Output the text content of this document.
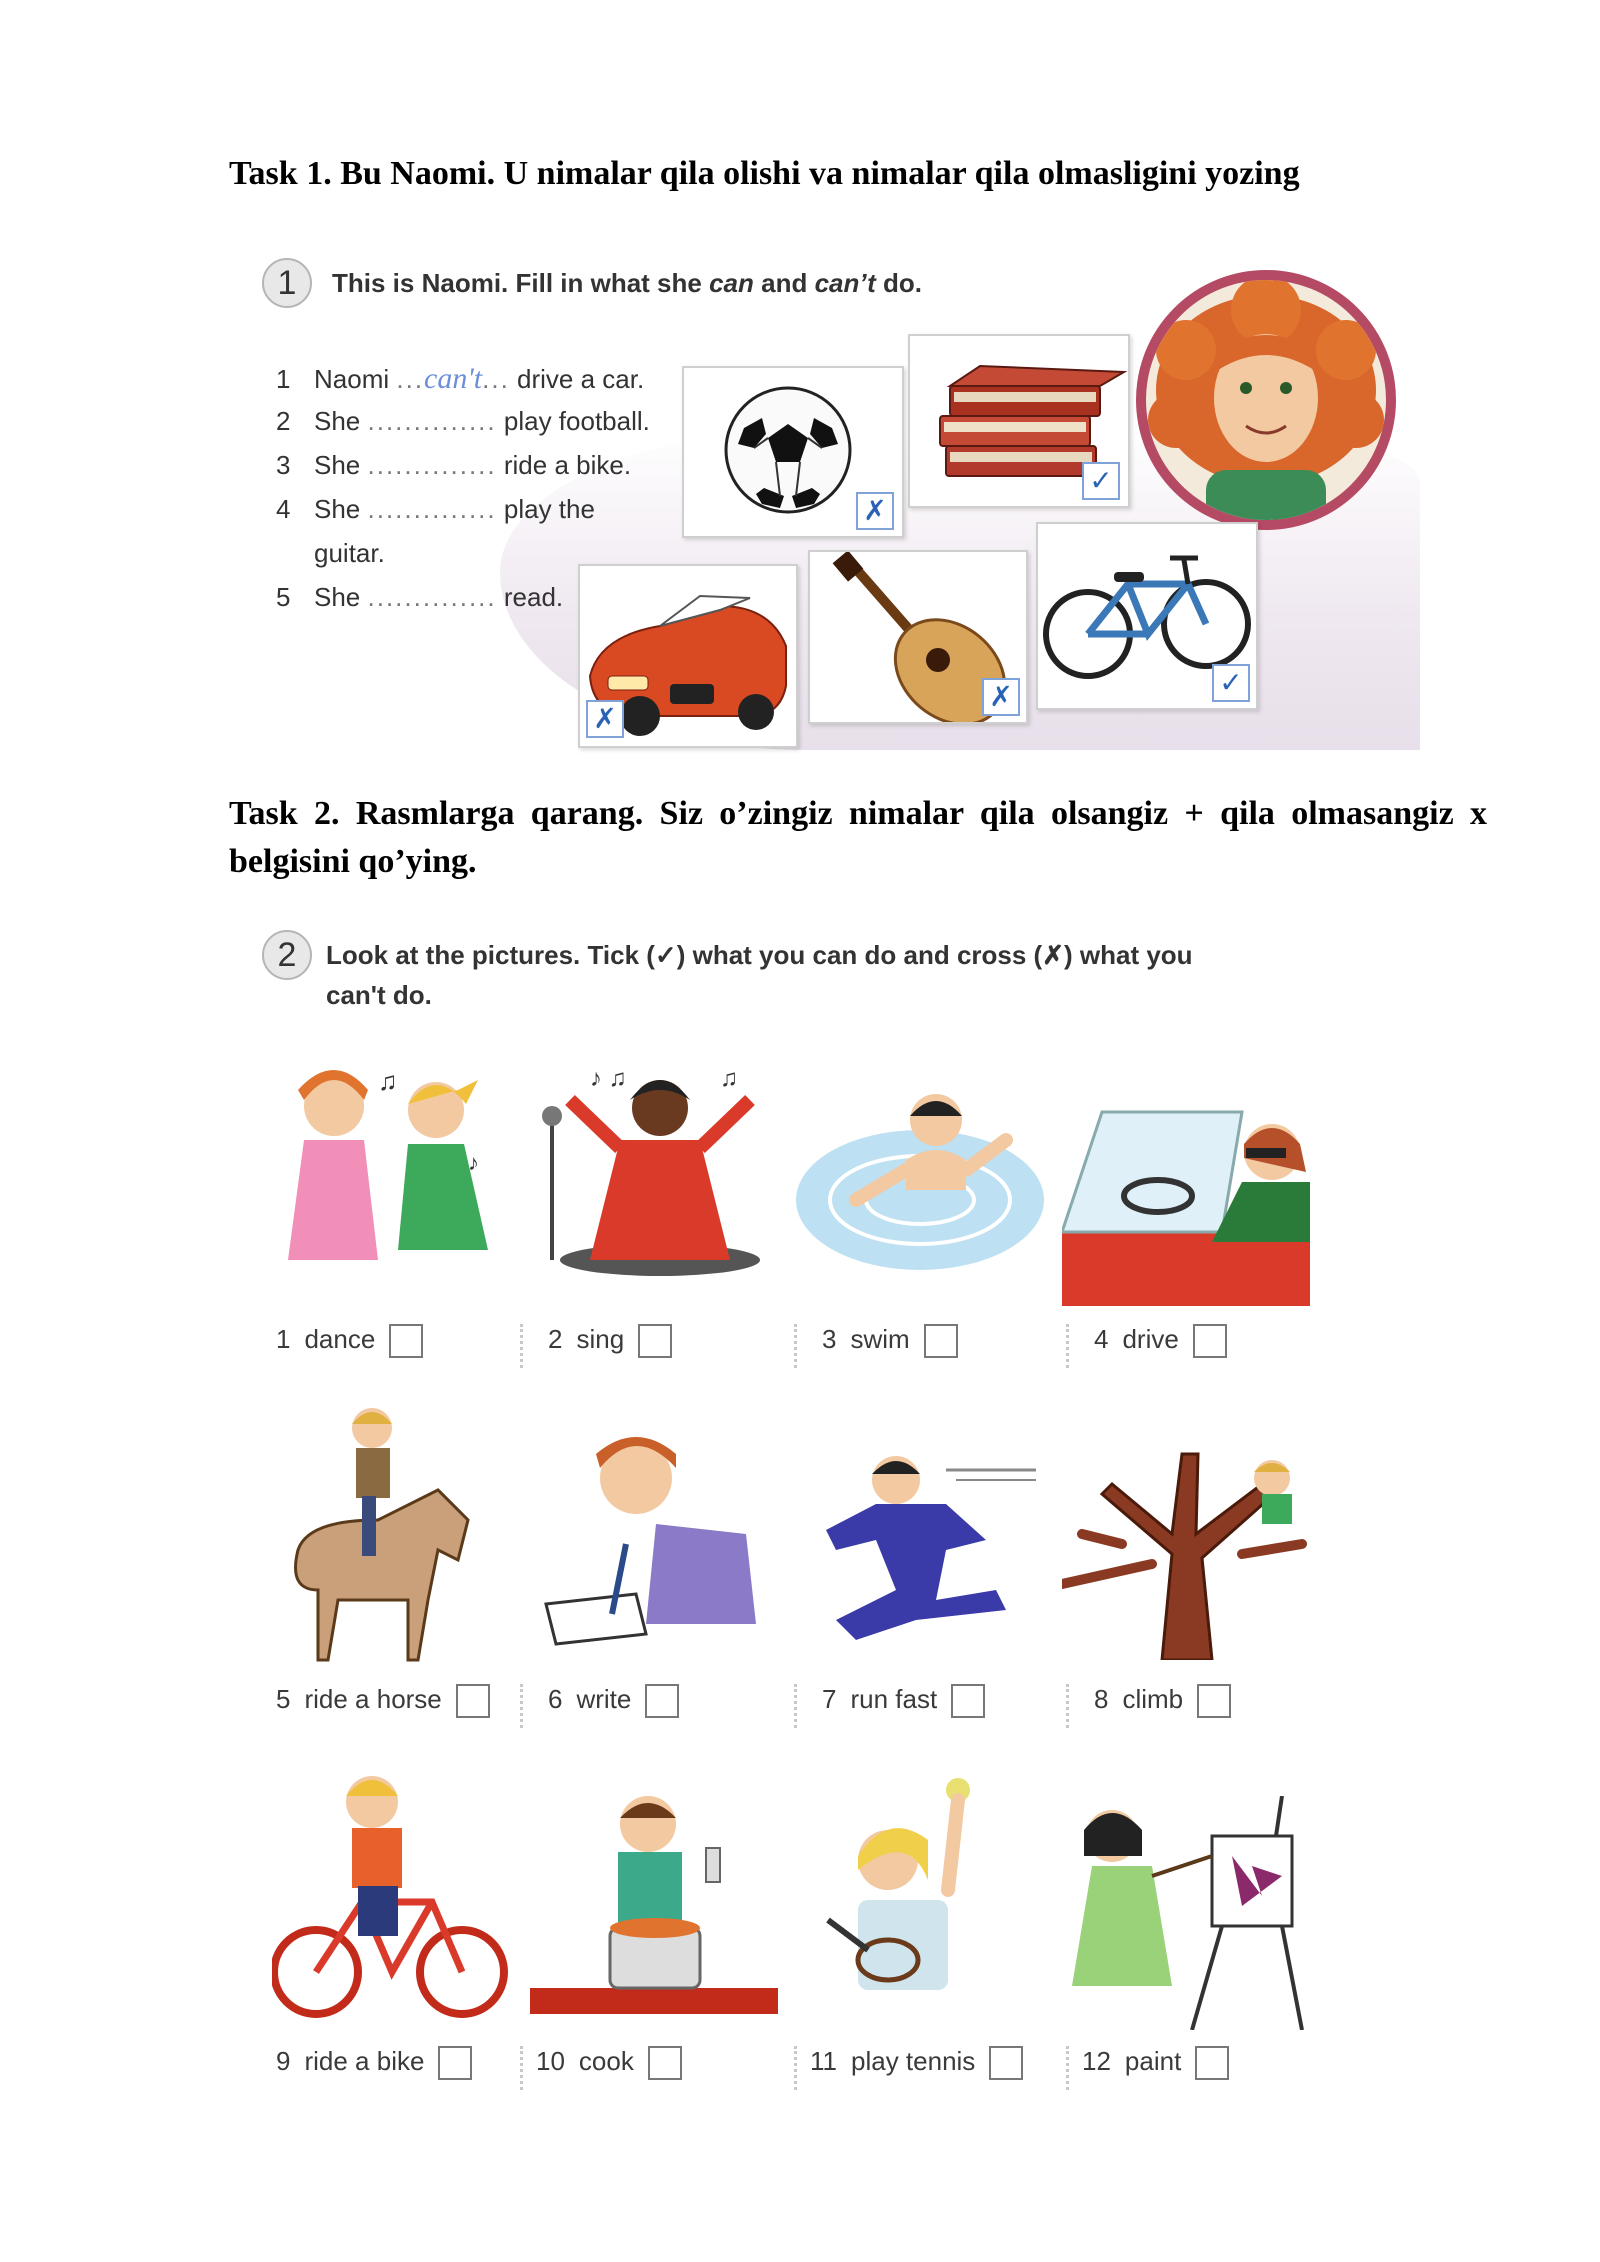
Task 1. Bu Naomi. U nimalar qila olishi va nimalar qila olmasligini yozing
1	This is Naomi. Fill in what she can and can’t do.
1 Naomi ...can't... drive a car.
2 She .............. play football.
3 She .............. ride a bike.
4 She .............. play the
guitar.
5 She .............. read.
✗
✓
✗
✗	✓
Task 2. Rasmlarga qarang. Siz o’zingiz nimalar qila olsangiz + qila olmasangiz x belgisini qo’ying.
2	Look at the pictures. Tick (✓) what you can do and cross (✗) what you
can't do.
♫
♪
♪ ♫	♫
1 dance	2 sing	3 swim	4 drive
5 ride a horse	6 write	7 run fast	8 climb
9 ride a bike	10 cook	11 play tennis	12 paint
